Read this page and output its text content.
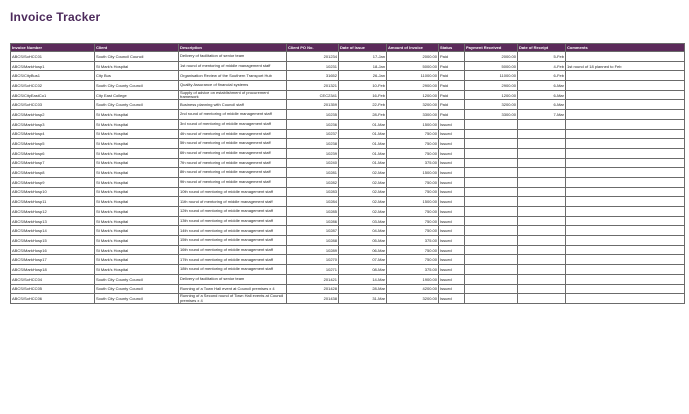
Invoice Tracker
Invoice Number	Client	Description	Client PO No.	Date of Issue	Amount of Invoice	Status	Payment Received	Date of Receipt	Comments
ABCS/SoHCC01	South City Council Council	Delivery of facilitation of senior team	201234	17-Jan	2000.00	Paid	2000.00	5-Feb	
ABCS/MarkHosp1	St Mark's Hospital	1st round of mentoring of middle management staff	10231	18-Jan	5000.00	Paid	5000.00	4-Feb	1st round of 18 planned to Feb
ABCS/CityBus1	City Bus	Organisation Review of the Southern Transport Hub	31652	26-Jan	11000.00	Paid	11000.00	6-Feb	
ABCS/SoHCC02	South City County Council	Quality Assurance of financial systems	201321	10-Feb	2900.00	Paid	2900.00	6-Mar	
ABCS/CityEastCo1	City East College	Supply of advice on establishment of procurement framework	CEC2341	16-Feb	1200.00	Paid	1200.00	6-Mar	
ABCS/SoHCC03	South City County Council	Business planning with Council staff	201359	22-Feb	3200.00	Paid	3200.00	6-Mar	
ABCS/MarkHosp2	St Mark's Hospital	2nd round of mentoring of middle management staff	10235	28-Feb	3300.00	Paid	3300.00	7-Mar	
ABCS/MarkHosp3	St Mark's Hospital	3rd round of mentoring of middle management staff	10236	01-Mar	1500.00	Issued			
ABCS/MarkHosp4	St Mark's Hospital	4th round of mentoring of middle management staff	10237	01-Mar	750.00	Issued			
ABCS/MarkHosp5	St Mark's Hospital	5th round of mentoring of middle management staff	10238	01-Mar	750.00	Issued			
ABCS/MarkHosp6	St Mark's Hospital	6th round of mentoring of middle management staff	10239	01-Mar	750.00	Issued			
ABCS/MarkHosp7	St Mark's Hospital	7th round of mentoring of middle management staff	10240	01-Mar	375.00	Issued			
ABCS/MarkHosp8	St Mark's Hospital	8th round of mentoring of middle management staff	10281	02-Mar	1500.00	Issued			
ABCS/MarkHosp9	St Mark's Hospital	9th round of mentoring of middle management staff	10282	02-Mar	750.00	Issued			
ABCS/MarkHosp10	St Mark's Hospital	10th round of mentoring of middle management staff	10283	02-Mar	750.00	Issued			
ABCS/MarkHosp11	St Mark's Hospital	11th round of mentoring of middle management staff	10284	02-Mar	1500.00	Issued			
ABCS/MarkHosp12	St Mark's Hospital	12th round of mentoring of middle management staff	10285	02-Mar	750.00	Issued			
ABCS/MarkHosp13	St Mark's Hospital	13th round of mentoring of middle management staff	10286	03-Mar	750.00	Issued			
ABCS/MarkHosp14	St Mark's Hospital	14th round of mentoring of middle management staff	10287	04-Mar	750.00	Issued			
ABCS/MarkHosp15	St Mark's Hospital	15th round of mentoring of middle management staff	10288	05-Mar	375.00	Issued			
ABCS/MarkHosp16	St Mark's Hospital	16th round of mentoring of middle management staff	10289	06-Mar	750.00	Issued			
ABCS/MarkHosp17	St Mark's Hospital	17th round of mentoring of middle management staff	10270	07-Mar	750.00	Issued			
ABCS/MarkHosp18	St Mark's Hospital	18th round of mentoring of middle management staff	10271	08-Mar	375.00	Issued			
ABCS/SoHCC04	South City County Council	Delivery of facilitation of senior team	201421	14-Mar	1900.00	Issued			
ABCS/SoHCC05	South City County Council	Running of a Town Hall event at Council premises x 4	201428	28-Mar	4200.00	Issued			
ABCS/SoHCC06	South City County Council	Running of a Second round of Town Hall events at Council premises x 4	201438	31-Mar	3200.00	Issued			
